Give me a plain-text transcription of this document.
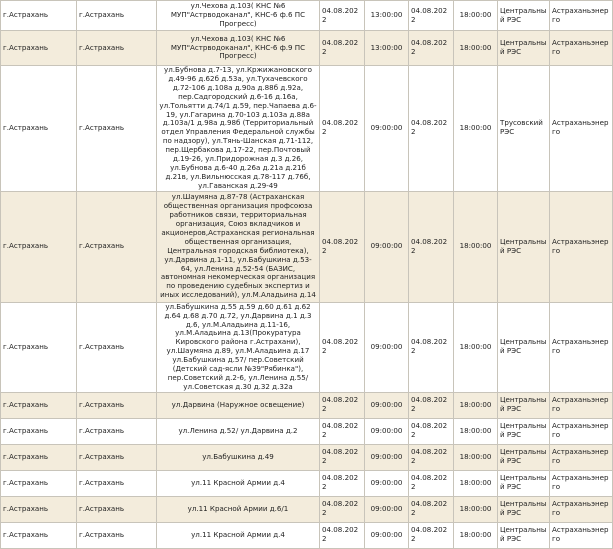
г.Астрахань	г.Астрахань	ул.Чехова д.103( КНС №6 МУП"Астрводоканал", КНС-6 ф.6 ПС Прогресс)	04.08.2022	13:00:00	04.08.2022	18:00:00	Центральный РЭС	Астраханьэнерго
г.Астрахань	г.Астрахань	ул.Чехова д.103( КНС №6 МУП"Астрводоканал", КНС-6 ф.9 ПС Прогресс)	04.08.2022	13:00:00	04.08.2022	18:00:00	Центральный РЭС	Астраханьэнерго
г.Астрахань	г.Астрахань	ул.Бубнова д.7-13, ул.Кржижановского д.49-96 д.62б д.53а, ул.Тухачевского д.72-106 д.108а д.90а д.88б д.92а, пер.Садгородский д.6-16 д.16а, ул.Тольятти д.74/1 д.59, пер.Чапаева д.6-19, ул.Гагарина д.70-103 д.103а д.88а д.103а/1 д.98а д.98б (Территориальный отдел Управления Федеральной службы по надзору), ул.Тянь-Шанская д.71-112, пер.Щербакова д.17-22, пер.Почтовый д.19-26, ул.Придорожная д.3 д.26, ул.Бубнова д.6-40 д.26а д.21а д.21б д.21в, ул.Вильнюсская д.78-117 д.76б, ул.Гаванская д.29-49	04.08.2022	09:00:00	04.08.2022	18:00:00	Трусовский РЭС	Астраханьэнерго
г.Астрахань	г.Астрахань	ул.Шаумяна д.87-78 (Астраханская общественная организация профсоюза работников связи, территориальная организация, Союз вкладчиков и акционеров,Астраханская региональная общественная организация, Центральная городская библиотека), ул.Дарвина д.1-11, ул.Бабушкина д.53-64, ул.Ленина д.52-54 (БАЗИС, автономная некомерческая организация по проведению судебных экспертиз и иных исследований), ул.М.Аладьина д.14	04.08.2022	09:00:00	04.08.2022	18:00:00	Центральный РЭС	Астраханьэнерго
г.Астрахань	г.Астрахань	ул.Бабушкина д.55 д.59 д.60 д.61 д.62 д.64 д.68 д.70 д.72, ул.Дарвина д.1 д.3 д.6, ул.М.Аладьина д.11-16, ул.М.Аладьина д.13(Прокуратура Кировского района г.Астрахани), ул.Шаумяна д.89, ул.М.Аладьина д.17 ул.Бабушкина д.57/ пер.Советский (Детский сад-ясли №39"Рябинка"), пер.Советский д.2-6, ул.Ленина д.55/ ул.Советская д.30 д.32 д.32а	04.08.2022	09:00:00	04.08.2022	18:00:00	Центральный РЭС	Астраханьэнерго
г.Астрахань	г.Астрахань	ул.Дарвина (Наружное освещение)	04.08.2022	09:00:00	04.08.2022	18:00:00	Центральный РЭС	Астраханьэнерго
г.Астрахань	г.Астрахань	ул.Ленина д.52/ ул.Дарвина д.2	04.08.2022	09:00:00	04.08.2022	18:00:00	Центральный РЭС	Астраханьэнерго
г.Астрахань	г.Астрахань	ул.Бабушкина д.49	04.08.2022	09:00:00	04.08.2022	18:00:00	Центральный РЭС	Астраханьэнерго
г.Астрахань	г.Астрахань	ул.11 Красной Армии д.4	04.08.2022	09:00:00	04.08.2022	18:00:00	Центральный РЭС	Астраханьэнерго
г.Астрахань	г.Астрахань	ул.11 Красной Армии д.6/1	04.08.2022	09:00:00	04.08.2022	18:00:00	Центральный РЭС	Астраханьэнерго
г.Астрахань	г.Астрахань	ул.11 Красной Армии д.4	04.08.2022	09:00:00	04.08.2022	18:00:00	Центральный РЭС	Астраханьэнерго
